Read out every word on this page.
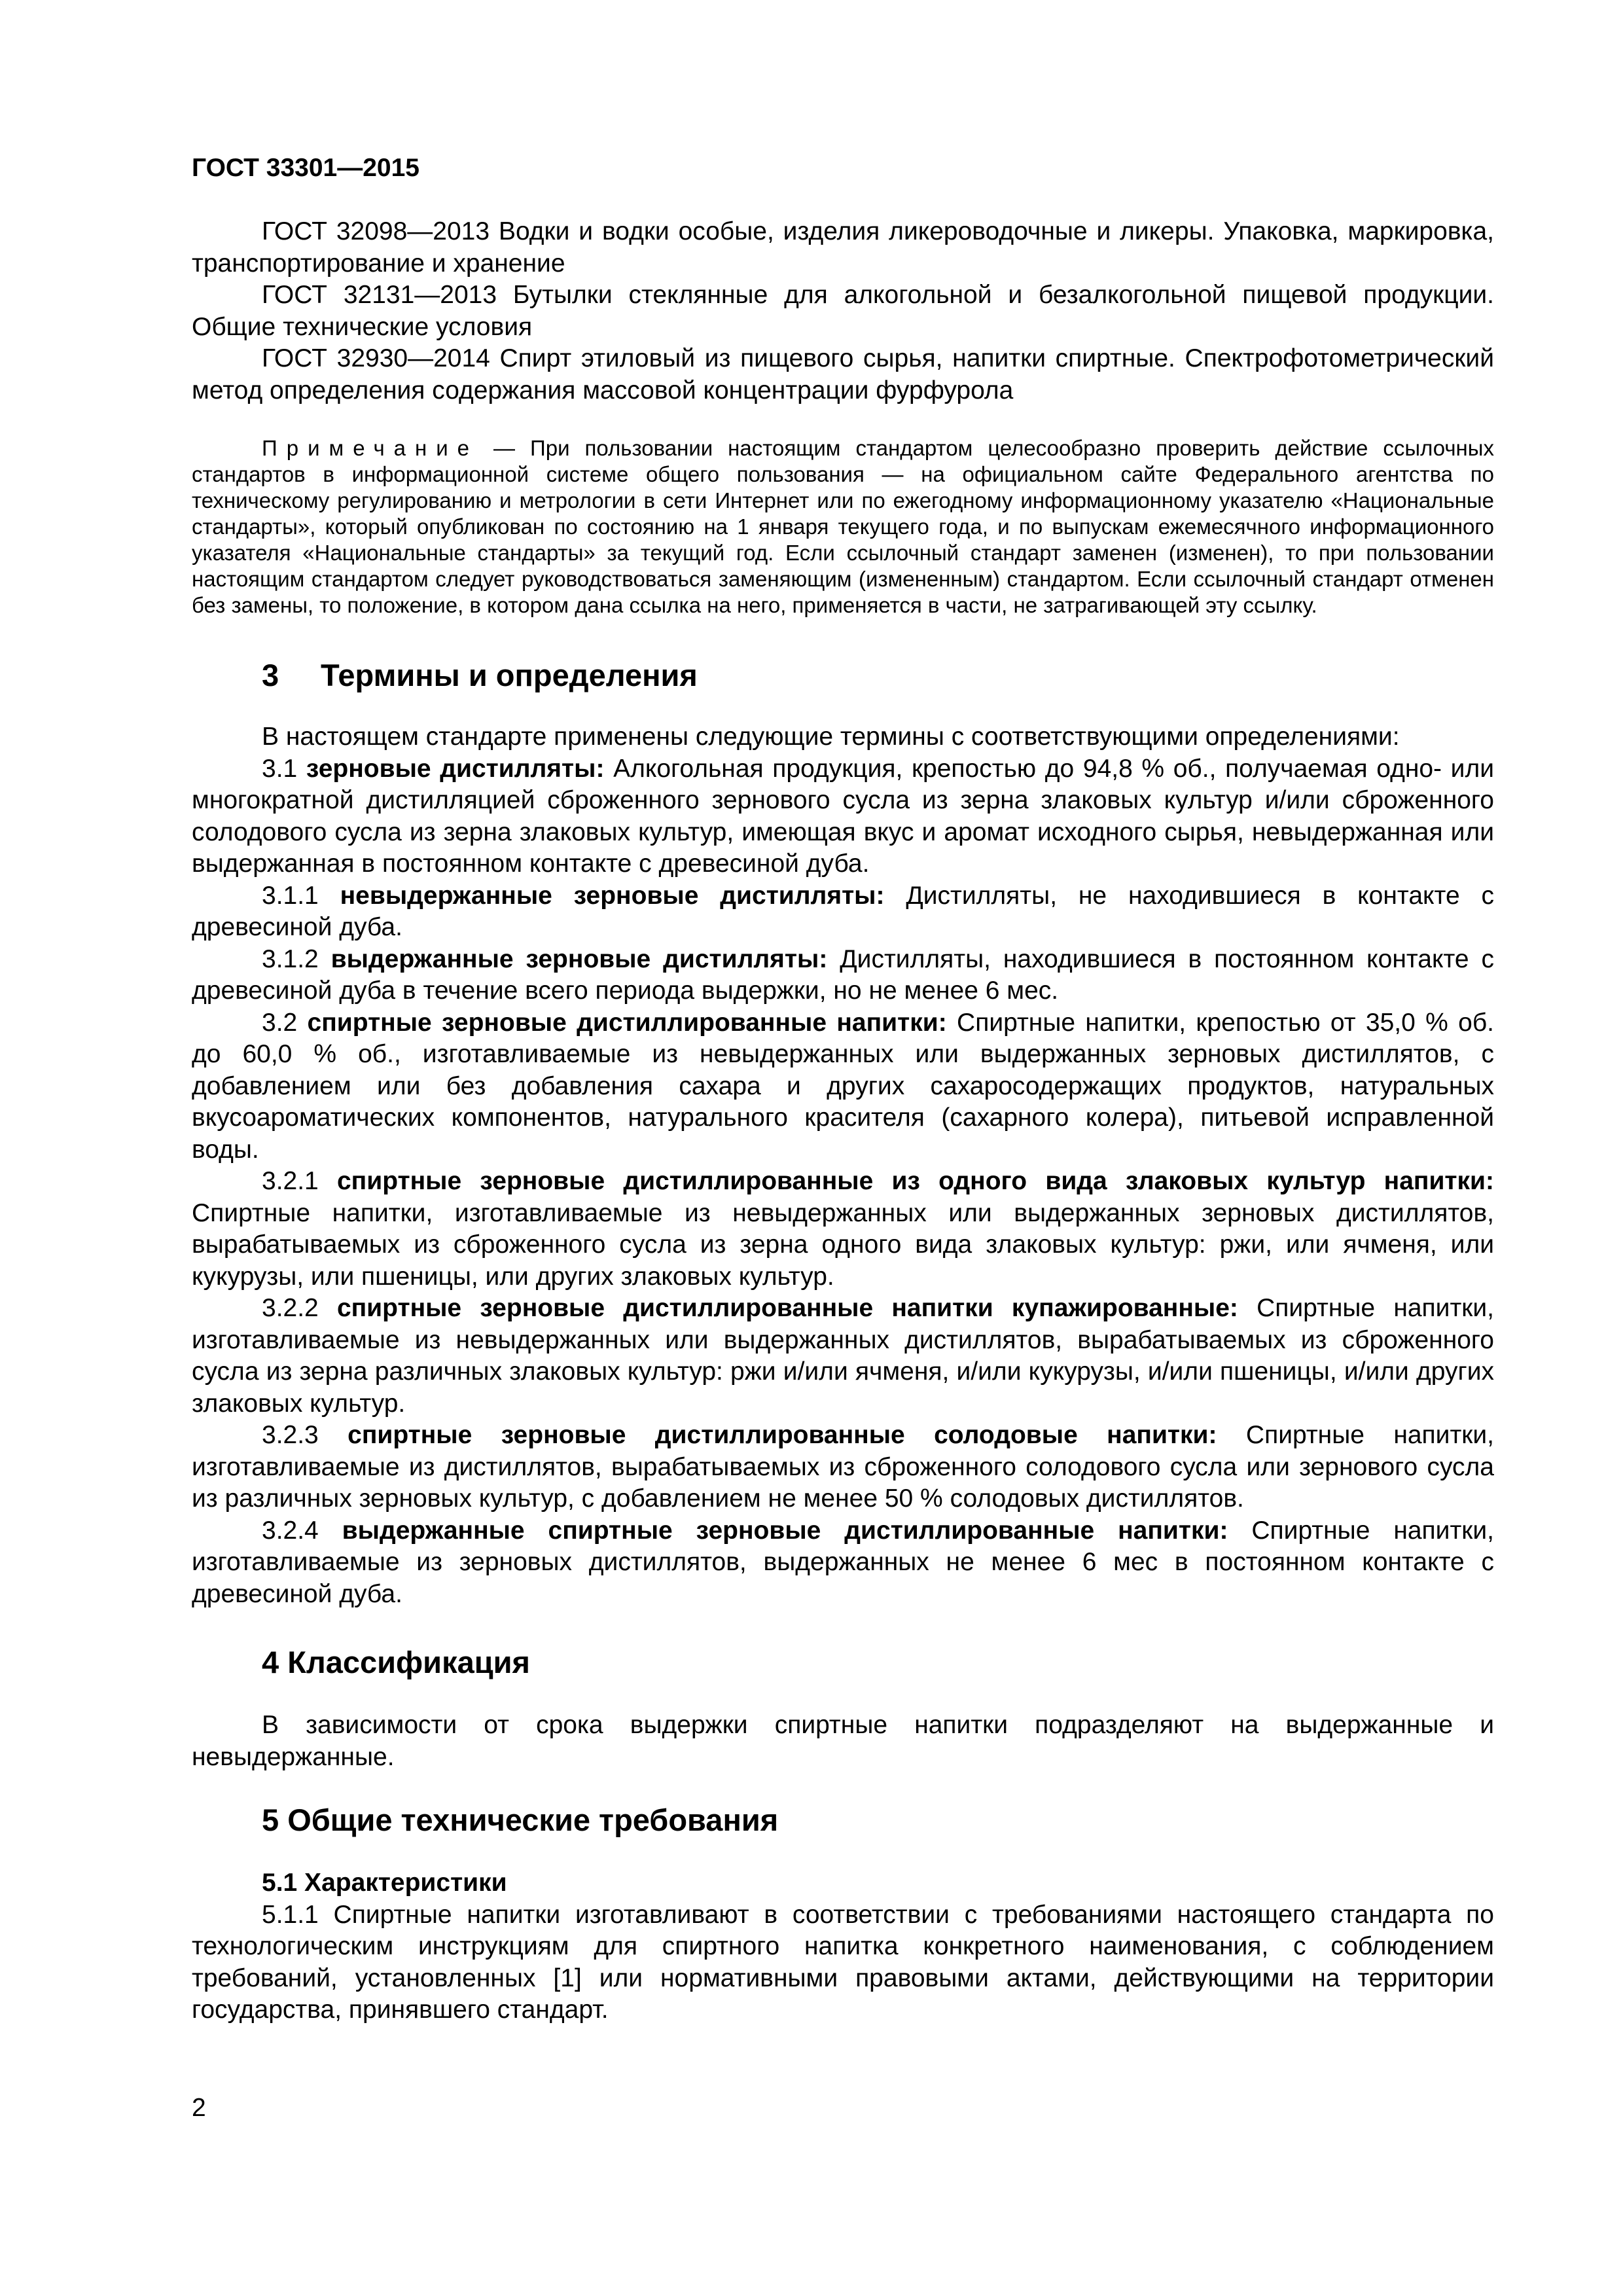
ГОСТ 33301—2015

ГОСТ 32098—2013 Водки и водки особые, изделия ликероводочные и ликеры. Упаковка, маркировка, транспортирование и хранение

ГОСТ 32131—2013 Бутылки стеклянные для алкогольной и безалкогольной пищевой продукции. Общие технические условия

ГОСТ 32930—2014 Спирт этиловый из пищевого сырья, напитки спиртные. Спектрофотометрический метод определения содержания массовой концентрации фурфурола

Примечание — При пользовании настоящим стандартом целесообразно проверить действие ссылочных стандартов в информационной системе общего пользования — на официальном сайте Федерального агентства по техническому регулированию и метрологии в сети Интернет или по ежегодному информационному указателю «Национальные стандарты», который опубликован по состоянию на 1 января текущего года, и по выпускам ежемесячного информационного указателя «Национальные стандарты» за текущий год. Если ссылочный стандарт заменен (изменен), то при пользовании настоящим стандартом следует руководствоваться заменяющим (измененным) стандартом. Если ссылочный стандарт отменен без замены, то положение, в котором дана ссылка на него, применяется в части, не затрагивающей эту ссылку.

3 Термины и определения

В настоящем стандарте применены следующие термины с соответствующими определениями:

3.1 зерновые дистилляты: Алкогольная продукция, крепостью до 94,8 % об., получаемая одно- или многократной дистилляцией сброженного зернового сусла из зерна злаковых культур и/или сброженного солодового сусла из зерна злаковых культур, имеющая вкус и аромат исходного сырья, невыдержанная или выдержанная в постоянном контакте с древесиной дуба.

3.1.1 невыдержанные зерновые дистилляты: Дистилляты, не находившиеся в контакте с древесиной дуба.

3.1.2 выдержанные зерновые дистилляты: Дистилляты, находившиеся в постоянном контакте с древесиной дуба в течение всего периода выдержки, но не менее 6 мес.

3.2 спиртные зерновые дистиллированные напитки: Спиртные напитки, крепостью от 35,0 % об. до 60,0 % об., изготавливаемые из невыдержанных или выдержанных зерновых дистиллятов, с добавлением или без добавления сахара и других сахаросодержащих продуктов, натуральных вкусоароматических компонентов, натурального красителя (сахарного колера), питьевой исправленной воды.

3.2.1 спиртные зерновые дистиллированные из одного вида злаковых культур напитки: Спиртные напитки, изготавливаемые из невыдержанных или выдержанных зерновых дистиллятов, вырабатываемых из сброженного сусла из зерна одного вида злаковых культур: ржи, или ячменя, или кукурузы, или пшеницы, или других злаковых культур.

3.2.2 спиртные зерновые дистиллированные напитки купажированные: Спиртные напитки, изготавливаемые из невыдержанных или выдержанных дистиллятов, вырабатываемых из сброженного сусла из зерна различных злаковых культур: ржи и/или ячменя, и/или кукурузы, и/или пшеницы, и/или других злаковых культур.

3.2.3 спиртные зерновые дистиллированные солодовые напитки: Спиртные напитки, изготавливаемые из дистиллятов, вырабатываемых из сброженного солодового сусла или зернового сусла из различных зерновых культур, с добавлением не менее 50 % солодовых дистиллятов.

3.2.4 выдержанные спиртные зерновые дистиллированные напитки: Спиртные напитки, изготавливаемые из зерновых дистиллятов, выдержанных не менее 6 мес в постоянном контакте с древесиной дуба.

4 Классификация

В зависимости от срока выдержки спиртные напитки подразделяют на выдержанные и невыдержанные.

5 Общие технические требования

5.1 Характеристики

5.1.1 Спиртные напитки изготавливают в соответствии с требованиями настоящего стандарта по технологическим инструкциям для спиртного напитка конкретного наименования, с соблюдением требований, установленных [1] или нормативными правовыми актами, действующими на территории государства, принявшего стандарт.

2
